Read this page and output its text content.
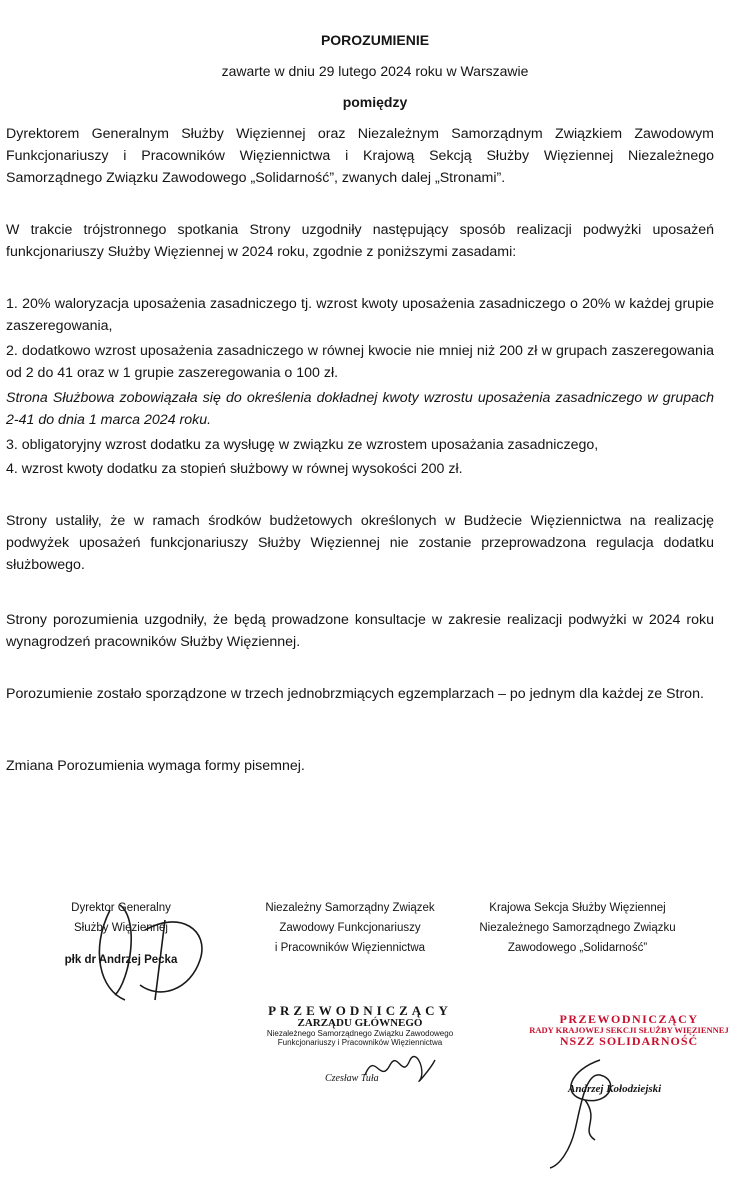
POROZUMIENIE
zawarte w dniu 29 lutego 2024 roku w Warszawie
pomiędzy
Dyrektorem Generalnym Służby Więziennej oraz Niezależnym Samorządnym Związkiem Zawodowym Funkcjonariuszy i Pracowników Więziennictwa i Krajową Sekcją Służby Więziennej Niezależnego Samorządnego Związku Zawodowego „Solidarność”, zwanych dalej „Stronami”.
W trakcie trójstronnego spotkania Strony uzgodniły następujący sposób realizacji podwyżki uposażeń funkcjonariuszy Służby Więziennej w 2024 roku, zgodnie z poniższymi zasadami:
1. 20% waloryzacja uposażenia zasadniczego tj. wzrost kwoty uposażenia zasadniczego o 20% w każdej grupie zaszeregowania,
2. dodatkowo wzrost uposażenia zasadniczego w równej kwocie nie mniej niż 200 zł w grupach zaszeregowania od 2 do 41 oraz w 1 grupie zaszeregowania o 100 zł.
Strona Służbowa zobowiązała się do określenia dokładnej kwoty wzrostu uposażenia zasadniczego w grupach 2-41 do dnia 1 marca 2024 roku.
3. obligatoryjny wzrost dodatku za wysługę w związku ze wzrostem uposażania zasadniczego,
4. wzrost kwoty dodatku za stopień służbowy w równej wysokości 200 zł.
Strony ustaliły, że w ramach środków budżetowych określonych w Budżecie Więziennictwa na realizację podwyżek uposażeń funkcjonariuszy Służby Więziennej nie zostanie przeprowadzona regulacja dodatku służbowego.
Strony porozumienia uzgodniły, że będą prowadzone konsultacje w zakresie realizacji podwyżki w 2024 roku wynagrodzeń pracowników Służby Więziennej.
Porozumienie zostało sporządzone w trzech jednobrzmiących egzemplarzach – po jednym dla każdej ze Stron.
Zmiana Porozumienia wymaga formy pisemnej.
Dyrektor Generalny
Służby Więziennej
płk dr Andrzej Pecka
Niezależny Samorządny Związek
Zawodowy Funkcjonariuszy
i Pracowników Więziennictwa
Krajowa Sekcja Służby Więziennej
Niezależnego Samorządnego Związku
Zawodowego „Solidarność”
PRZEWODNICZĄCY
ZARZĄDU GŁÓWNEGO
Niezależnego Samorządnego Związku Zawodowego
Funkcjonariuszy i Pracowników Więziennictwa
Czesław Tuła
PRZEWODNICZĄCY
RADY KRAJOWEJ SEKCJI SŁUŻBY WIĘZIENNEJ
NSZZ SOLIDARNOŚĆ
Andrzej Kołodziejski
